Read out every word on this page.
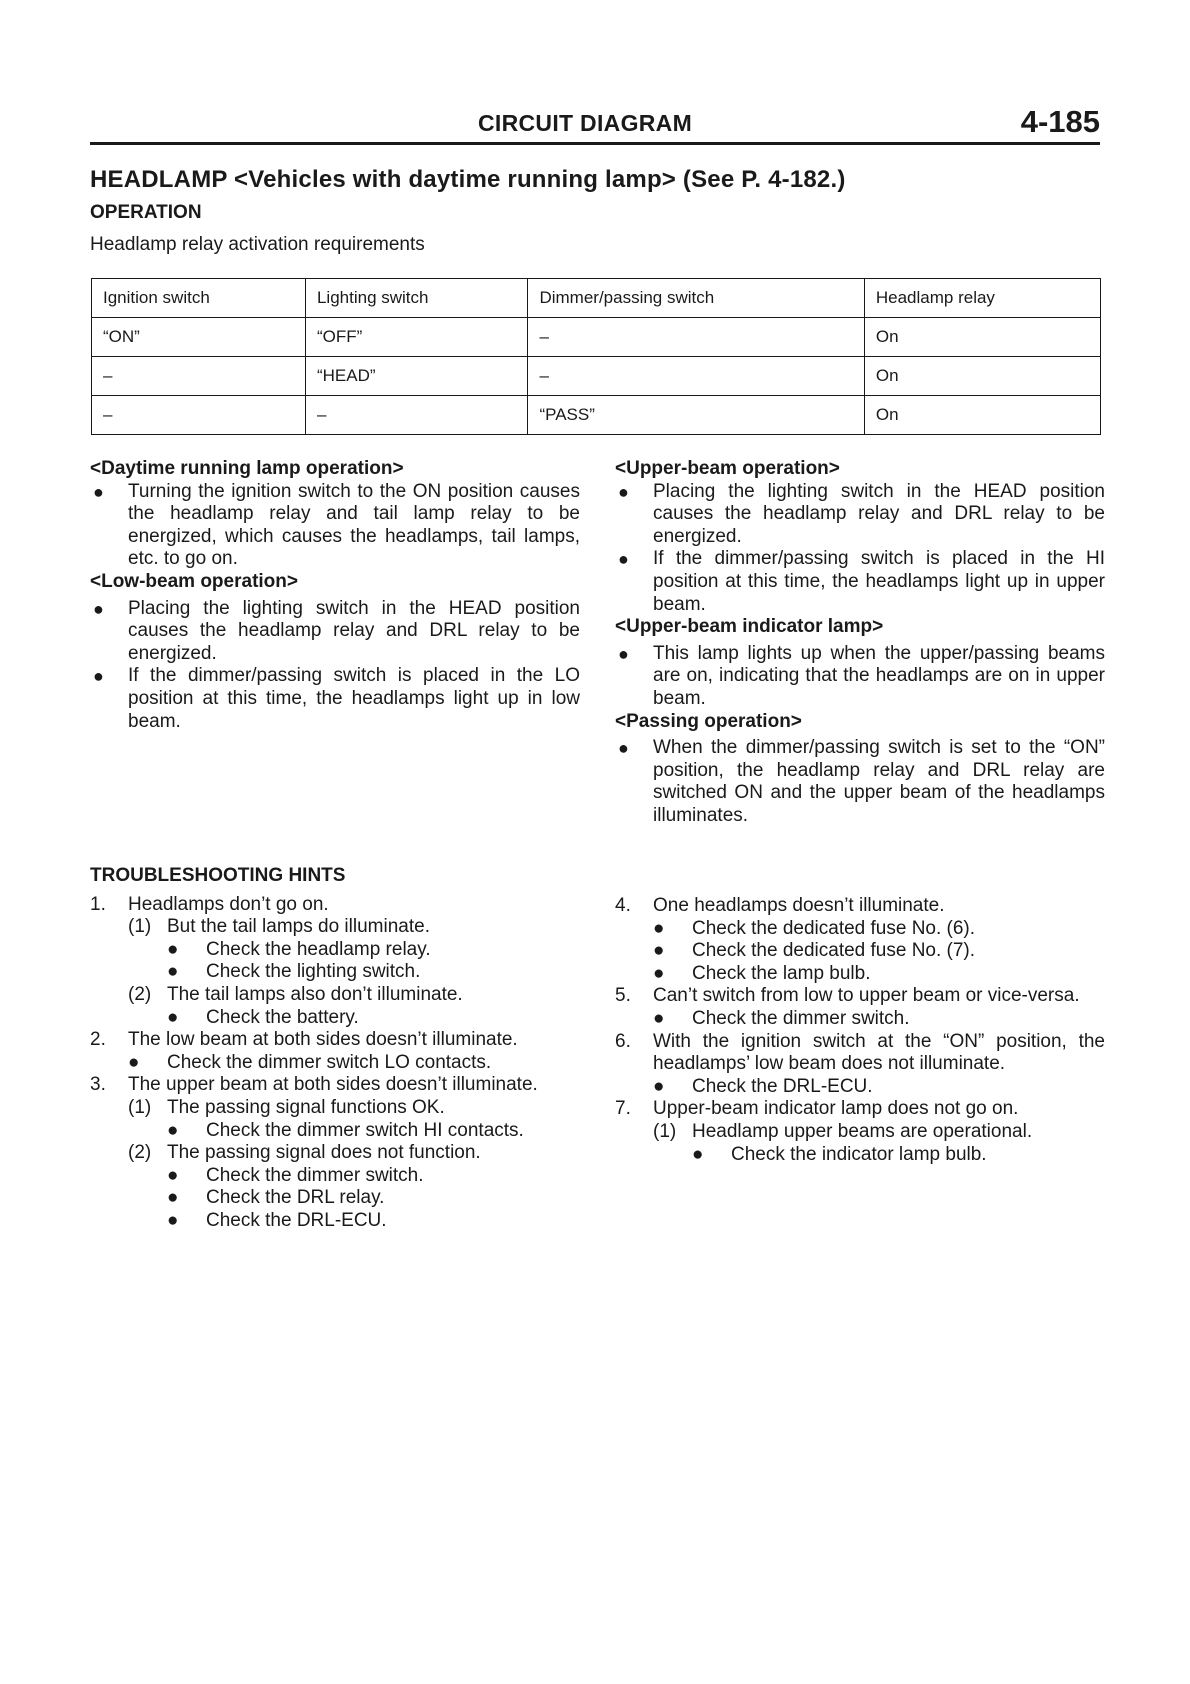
CIRCUIT DIAGRAM	4-185
HEADLAMP <Vehicles with daytime running lamp> (See P. 4-182.)
OPERATION
Headlamp relay activation requirements
Ignition switch	Lighting switch	Dimmer/passing switch	Headlamp relay
“ON”	“OFF”	–	On
–	“HEAD”	–	On
–	–	“PASS”	On
<Daytime running lamp operation>
● Turning the ignition switch to the ON position causes the headlamp relay and tail lamp relay to be energized, which causes the headlamps, tail lamps, etc. to go on.
<Low-beam operation>
● Placing the lighting switch in the HEAD position causes the headlamp relay and DRL relay to be energized.
● If the dimmer/passing switch is placed in the LO position at this time, the headlamps light up in low beam.
<Upper-beam operation>
● Placing the lighting switch in the HEAD position causes the headlamp relay and DRL relay to be energized.
● If the dimmer/passing switch is placed in the HI position at this time, the headlamps light up in upper beam.
<Upper-beam indicator lamp>
● This lamp lights up when the upper/passing beams are on, indicating that the headlamps are on in upper beam.
<Passing operation>
● When the dimmer/passing switch is set to the “ON” position, the headlamp relay and DRL relay are switched ON and the upper beam of the headlamps illuminates.
TROUBLESHOOTING HINTS
1. Headlamps don’t go on.
(1) But the tail lamps do illuminate.
● Check the headlamp relay.
● Check the lighting switch.
(2) The tail lamps also don’t illuminate.
● Check the battery.
2. The low beam at both sides doesn’t illuminate.
● Check the dimmer switch LO contacts.
3. The upper beam at both sides doesn’t illuminate.
(1) The passing signal functions OK.
● Check the dimmer switch HI contacts.
(2) The passing signal does not function.
● Check the dimmer switch.
● Check the DRL relay.
● Check the DRL-ECU.
4. One headlamps doesn’t illuminate.
● Check the dedicated fuse No. (6).
● Check the dedicated fuse No. (7).
● Check the lamp bulb.
5. Can’t switch from low to upper beam or vice-versa.
● Check the dimmer switch.
6. With the ignition switch at the “ON” position, the headlamps’ low beam does not illuminate.
● Check the DRL-ECU.
7. Upper-beam indicator lamp does not go on.
(1) Headlamp upper beams are operational.
● Check the indicator lamp bulb.
